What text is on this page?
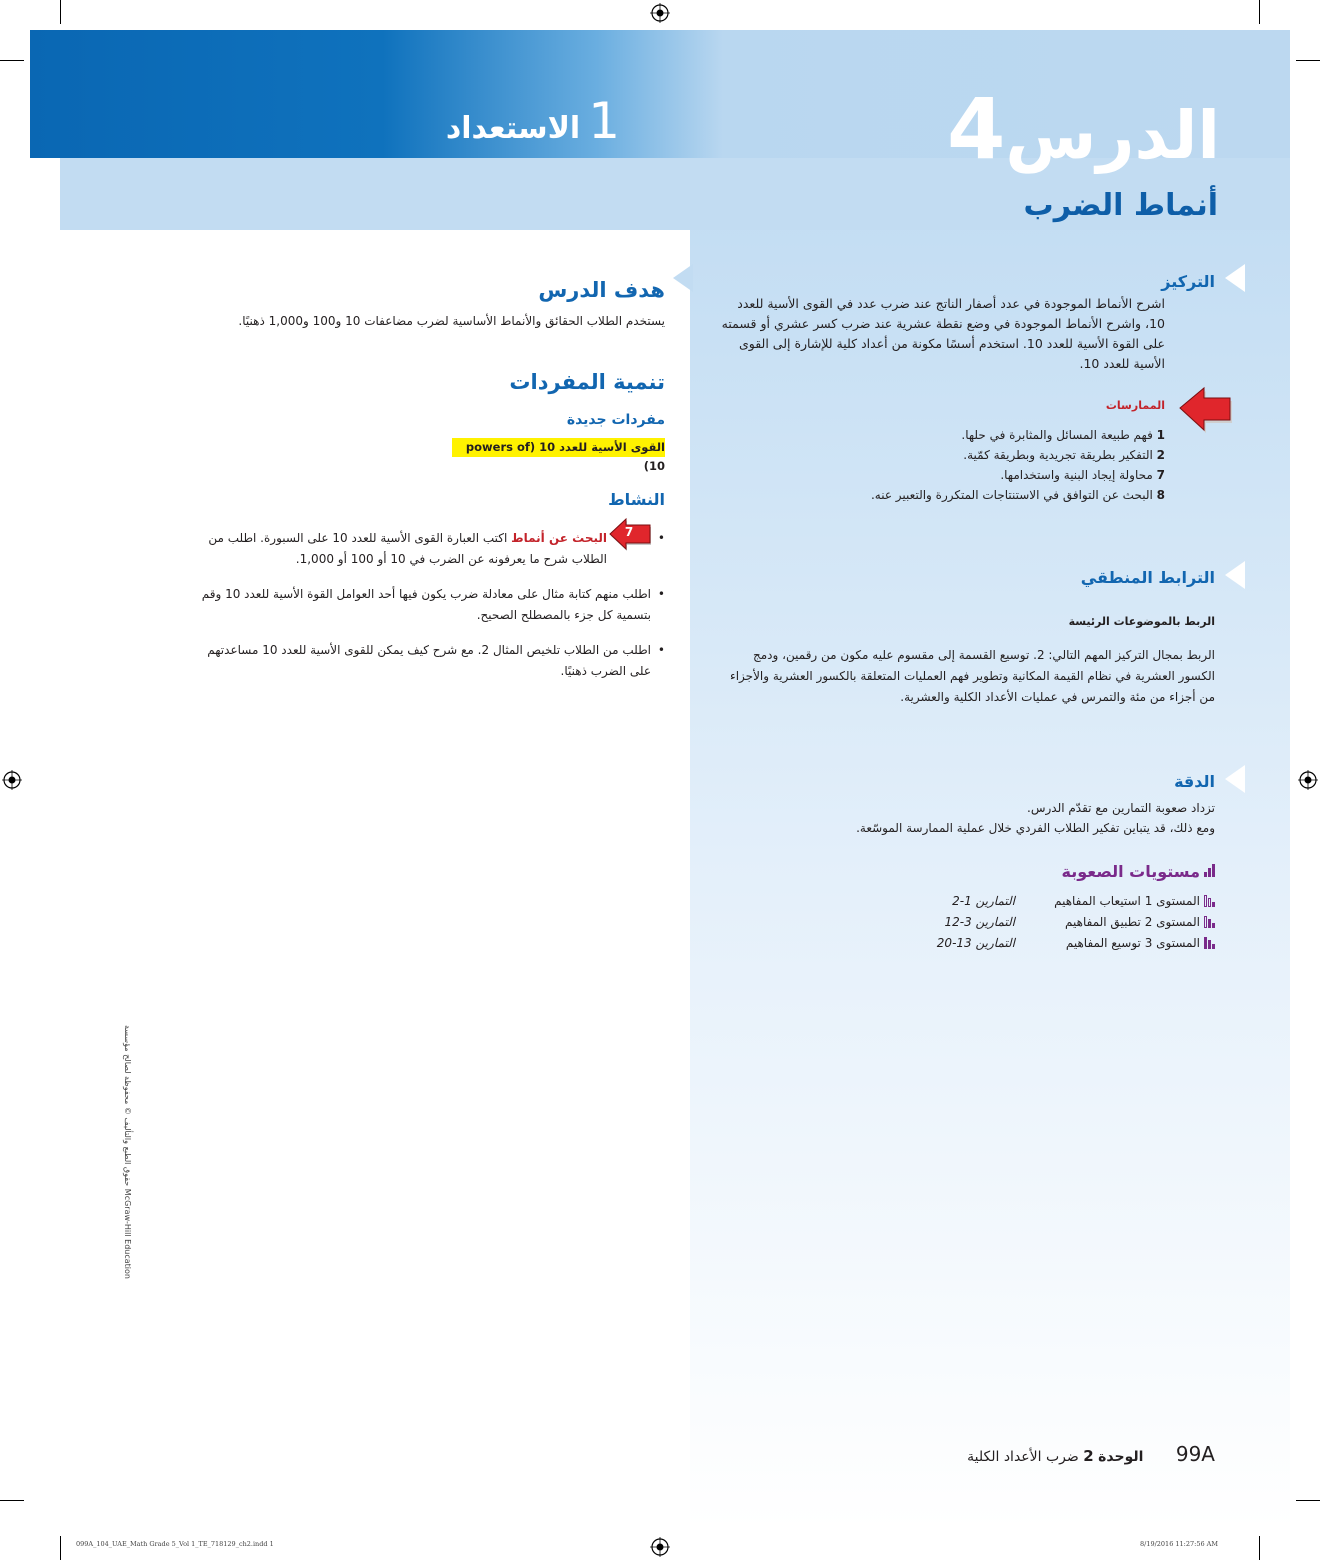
1الاستعداد	الدرس4
أنماط الضرب
التركيز
اشرح الأنماط الموجودة في عدد أصفار الناتج عند ضرب عدد في القوى الأسية للعدد 10، واشرح الأنماط الموجودة في وضع نقطة عشرية عند ضرب كسر عشري أو قسمته على القوة الأسية للعدد 10. استخدم أسسًا مكونة من أعداد كلية للإشارة إلى القوى الأسية للعدد 10.
الممارسات
1 فهم طبيعة المسائل والمثابرة في حلها.
2 التفكير بطريقة تجريدية وبطريقة كمّية.
7 محاولة إيجاد البنية واستخدامها.
8 البحث عن التوافق في الاستنتاجات المتكررة والتعبير عنه.
الترابط المنطقي
الربط بالموضوعات الرئيسة
الربط بمجال التركيز المهم التالي: 2. توسيع القسمة إلى مقسوم عليه مكون من رقمين، ودمج الكسور العشرية في نظام القيمة المكانية وتطوير فهم العمليات المتعلقة بالكسور العشرية والأجزاء من أجزاء من مئة والتمرس في عمليات الأعداد الكلية والعشرية.
الدقة
تزداد صعوبة التمارين مع تقدّم الدرس.
ومع ذلك، قد يتباين تفكير الطلاب الفردي خلال عملية الممارسة الموسّعة.
مستويات الصعوبة
المستوى 1 استيعاب المفاهيم
التمارين 1-2
المستوى 2 تطبيق المفاهيم
التمارين 3-12
المستوى 3 توسيع المفاهيم
التمارين 13-20
هدف الدرس
يستخدم الطلاب الحقائق والأنماط الأساسية لضرب مضاعفات 10 و100 و1,000 ذهنيًا.
تنمية المفردات
مفردات جديدة
القوى الأسية للعدد 10 (powers of 10)
النشاط
7	•
البحث عن أنماط اكتب العبارة القوى الأسية للعدد 10 على السبورة. اطلب من الطلاب شرح ما يعرفونه عن الضرب في 10 أو 100 أو 1,000.
•
اطلب منهم كتابة مثال على معادلة ضرب يكون فيها أحد العوامل القوة الأسية للعدد 10 وقم بتسمية كل جزء بالمصطلح الصحيح.
•
اطلب من الطلاب تلخيص المثال 2. مع شرح كيف يمكن للقوى الأسية للعدد 10 مساعدتهم على الضرب ذهنيًا.
حقوق الطبع والتأليف © محفوظة لصالح مؤسسة McGraw-Hill Education
99A الوحدة 2 ضرب الأعداد الكلية
099A_104_UAE_Math Grade 5_Vol 1_TE_718129_ch2.indd 1	8/19/2016 11:27:56 AM
